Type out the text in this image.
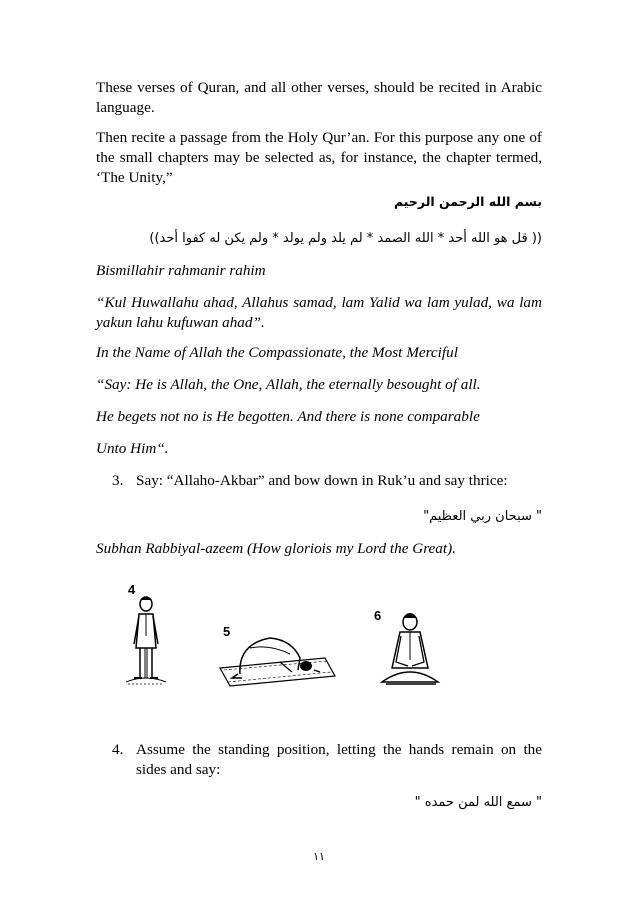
These verses of Quran, and all other verses, should be recited in Arabic language.

Then recite a passage from the Holy Qur’an. For this purpose any one of the small chapters may be selected as, for instance, the chapter termed, ‘The Unity,”

بسم الله الرحمن الرحيم

(( قل هو الله أحد * الله الصمد * لم يلد ولم يولد * ولم يكن له كفوا أحد))

Bismillahir rahmanir rahim

“Kul Huwallahu ahad, Allahus samad, lam Yalid wa lam yulad, wa lam yakun lahu kufuwan ahad”.

In the Name of Allah the Compassionate, the Most Merciful

“Say: He is Allah, the One, Allah, the eternally besought of all.

He begets not no is He begotten. And there is none comparable

Unto Him“.

3. Say: “Allaho-Akbar” and bow down in Ruk’u and say thrice:

" سبحان ربي العظيم"

Subhan Rabbiyal-azeem (How gloriois my Lord the Great).

4
5
6
4. Assume the standing position, letting the hands remain on the sides and say:

" سمع الله لمن حمده "

١١
